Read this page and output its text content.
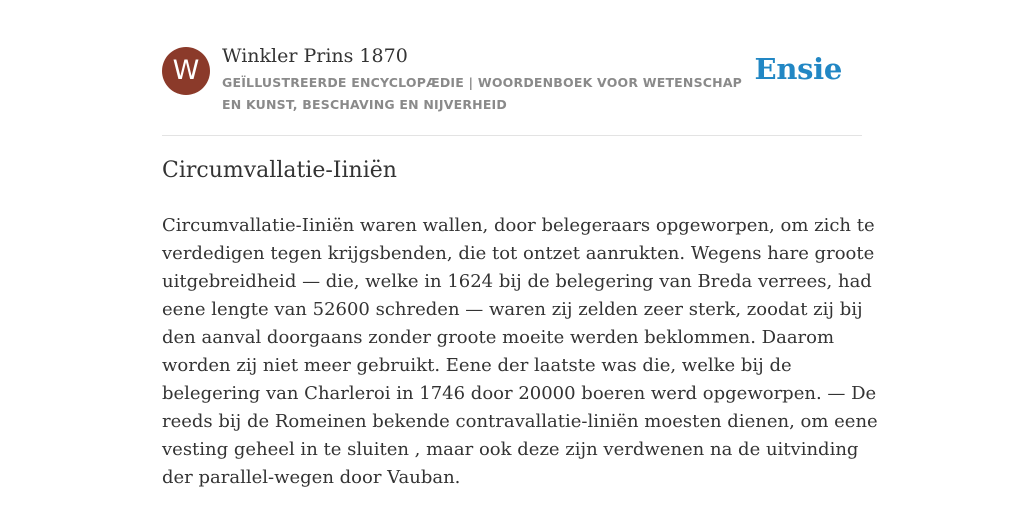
W	Winkler Prins 1870

GEÏLLUSTREERDE ENCYCLOPÆDIE | WOORDENBOEK VOOR WETENSCHAP EN KUNST, BESCHAVING EN NIJVERHEID

Ensie
Circumvallatie-Iiniën

Circumvallatie-Iiniën waren wallen, door belegeraars opgeworpen, om zich te verdedigen tegen krijgsbenden, die tot ontzet aanrukten. Wegens hare groote uitgebreidheid — die, welke in 1624 bij de belegering van Breda verrees, had eene lengte van 52600 schreden — waren zij zelden zeer sterk, zoodat zij bij den aanval doorgaans zonder groote moeite werden beklommen. Daarom worden zij niet meer gebruikt. Eene der laatste was die, welke bij de belegering van Charleroi in 1746 door 20000 boeren werd opgeworpen. — De reeds bij de Romeinen bekende contravallatie-liniën moesten dienen, om eene vesting geheel in te sluiten , maar ook deze zijn verdwenen na de uitvinding der parallel-wegen door Vauban.
